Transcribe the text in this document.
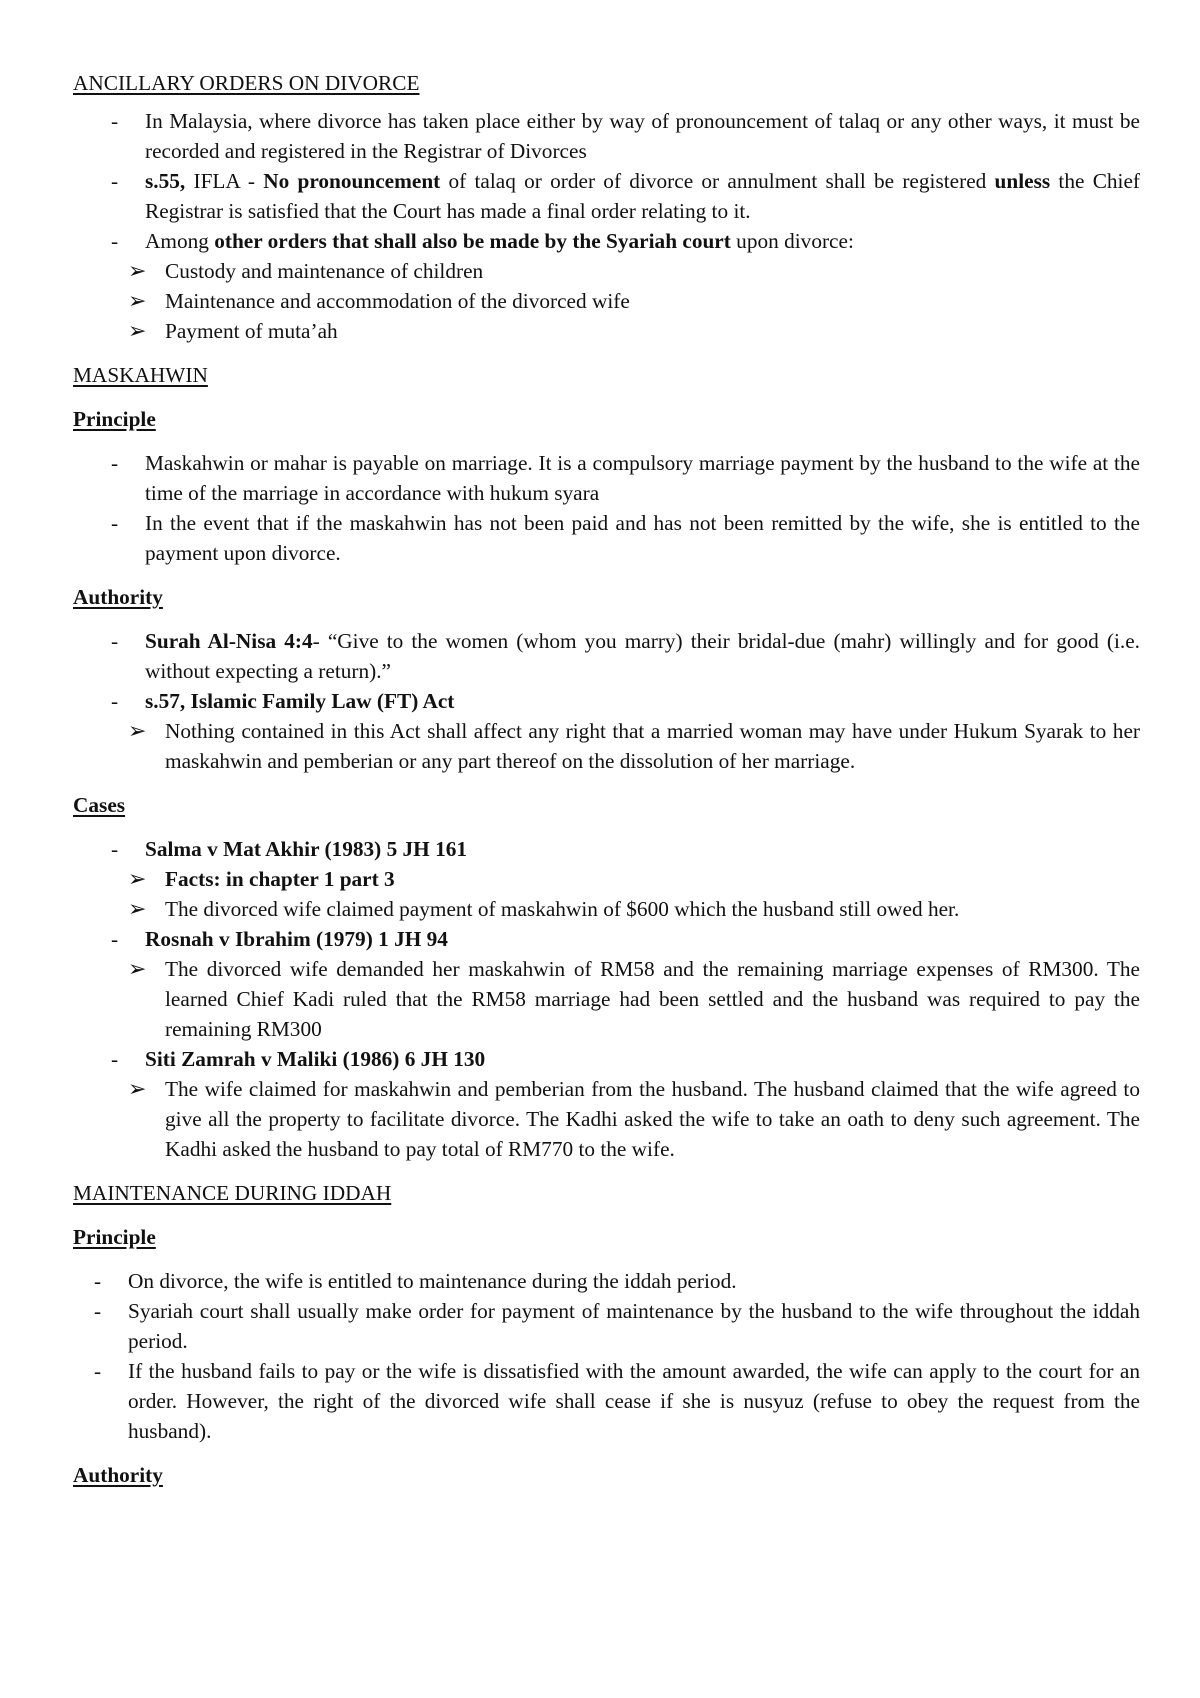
ANCILLARY ORDERS ON DIVORCE

- In Malaysia, where divorce has taken place either by way of pronouncement of talaq or any other ways, it must be recorded and registered in the Registrar of Divorces
- s.55, IFLA - No pronouncement of talaq or order of divorce or annulment shall be registered unless the Chief Registrar is satisfied that the Court has made a final order relating to it.
- Among other orders that shall also be made by the Syariah court upon divorce:
➢ Custody and maintenance of children
➢ Maintenance and accommodation of the divorced wife
➢ Payment of muta’ah

MASKAHWIN

Principle

- Maskahwin or mahar is payable on marriage. It is a compulsory marriage payment by the husband to the wife at the time of the marriage in accordance with hukum syara
- In the event that if the maskahwin has not been paid and has not been remitted by the wife, she is entitled to the payment upon divorce.

Authority

- Surah Al-Nisa 4:4- “Give to the women (whom you marry) their bridal-due (mahr) willingly and for good (i.e. without expecting a return).”
- s.57, Islamic Family Law (FT) Act
➢ Nothing contained in this Act shall affect any right that a married woman may have under Hukum Syarak to her maskahwin and pemberian or any part thereof on the dissolution of her marriage.

Cases

- Salma v Mat Akhir (1983) 5 JH 161
➢ Facts: in chapter 1 part 3
➢ The divorced wife claimed payment of maskahwin of $600 which the husband still owed her.
- Rosnah v Ibrahim (1979) 1 JH 94
➢ The divorced wife demanded her maskahwin of RM58 and the remaining marriage expenses of RM300. The learned Chief Kadi ruled that the RM58 marriage had been settled and the husband was required to pay the remaining RM300
- Siti Zamrah v Maliki (1986) 6 JH 130
➢ The wife claimed for maskahwin and pemberian from the husband. The husband claimed that the wife agreed to give all the property to facilitate divorce. The Kadhi asked the wife to take an oath to deny such agreement. The Kadhi asked the husband to pay total of RM770 to the wife.

MAINTENANCE DURING IDDAH

Principle

- On divorce, the wife is entitled to maintenance during the iddah period.
- Syariah court shall usually make order for payment of maintenance by the husband to the wife throughout the iddah period.
- If the husband fails to pay or the wife is dissatisfied with the amount awarded, the wife can apply to the court for an order. However, the right of the divorced wife shall cease if she is nusyuz (refuse to obey the request from the husband).

Authority
